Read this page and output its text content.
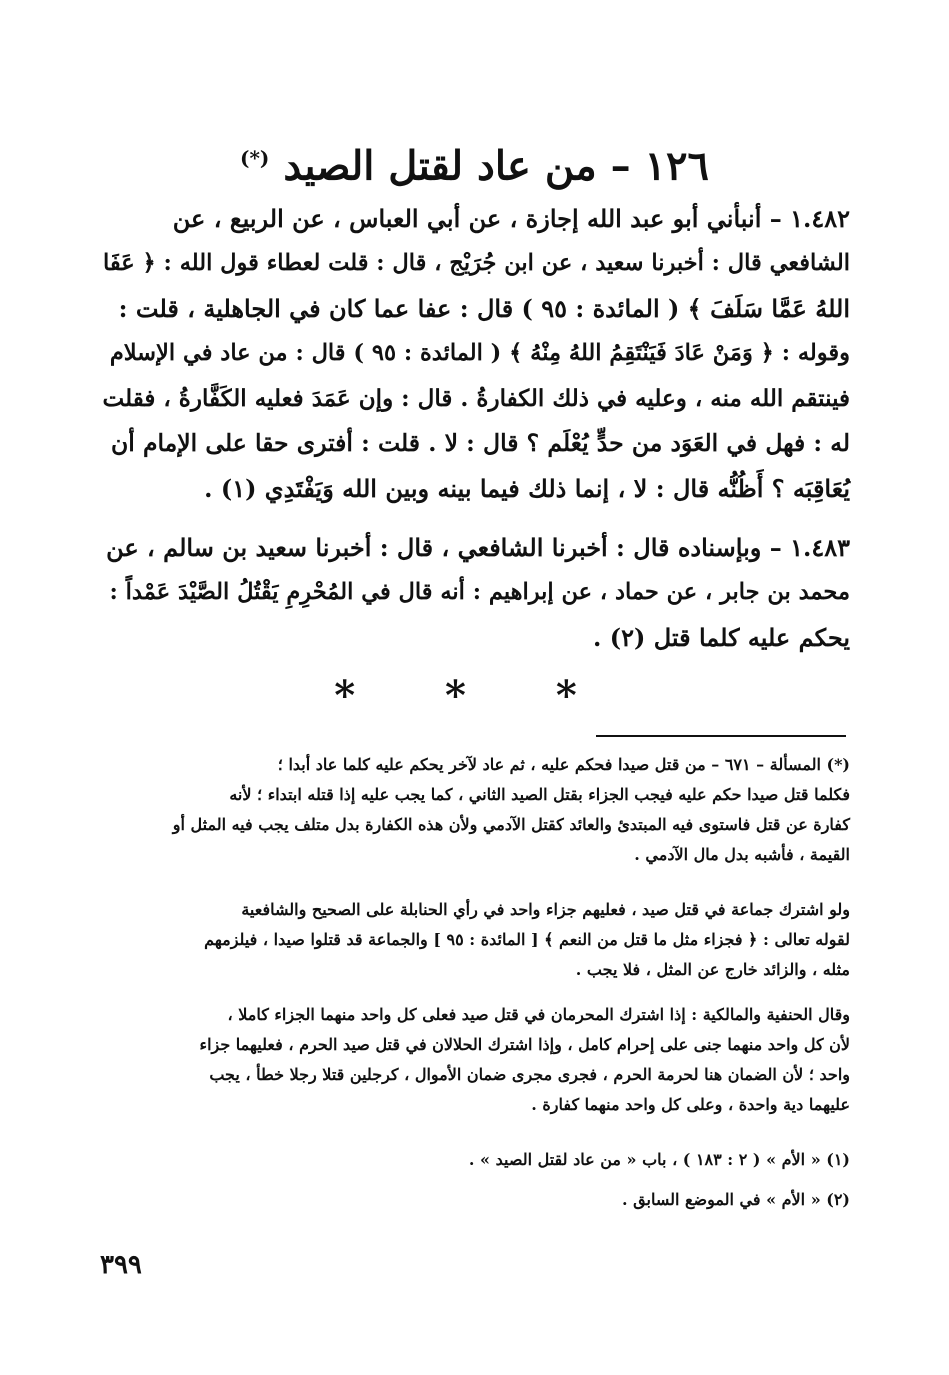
١٢٦ – من عاد لقتل الصيد (*)
١.٤٨٢ – أنبأني أبو عبد الله إجازة ، عن أبي العباس ، عن الربيع ، عن
الشافعي قال : أخبرنا سعيد ، عن ابن جُرَيْج ، قال : قلت لعطاء قول الله : ﴿ عَفَا
اللهُ عَمَّا سَلَفَ ﴾ ( المائدة : ٩٥ ) قال : عفا عما كان في الجاهلية ، قلت :
وقوله : ﴿ وَمَنْ عَادَ فَيَنْتَقِمُ اللهُ مِنْهُ ﴾ ( المائدة : ٩٥ ) قال : من عاد في الإسلام
فينتقم الله منه ، وعليه في ذلك الكفارةُ . قال : وإن عَمَدَ فعليه الكَفَّارةُ ، فقلت
له : فهل في العَوَد من حدٍّ يُعْلَم ؟ قال : لا . قلت : أفترى حقا على الإمام أن
يُعَاقِبَه ؟ أَظُنُّه قال : لا ، إنما ذلك فيما بينه وبين الله وَيَفْتَدِي (١) .
١.٤٨٣ – وبإسناده قال : أخبرنا الشافعي ، قال : أخبرنا سعيد بن سالم ، عن
محمد بن جابر ، عن حماد ، عن إبراهيم : أنه قال في المُحْرِمِ يَقْتُلُ الصَّيْدَ عَمْداً :
يحكم عليه كلما قتل (٢) .
* * *
(*) المسألة – ٦٧١ – من قتل صيدا فحكم عليه ، ثم عاد لآخر يحكم عليه كلما عاد أبدا ؛
فكلما قتل صيدا حكم عليه فيجب الجزاء بقتل الصيد الثاني ، كما يجب عليه إذا قتله ابتداء ؛ لأنه
كفارة عن قتل فاستوى فيه المبتدئ والعائد كقتل الآدمي ولأن هذه الكفارة بدل متلف يجب فيه المثل أو
القيمة ، فأشبه بدل مال الآدمي .
ولو اشترك جماعة في قتل صيد ، فعليهم جزاء واحد في رأي الحنابلة على الصحيح والشافعية
لقوله تعالى : ﴿ فجزاء مثل ما قتل من النعم ﴾ [ المائدة : ٩٥ ] والجماعة قد قتلوا صيدا ، فيلزمهم
مثله ، والزائد خارج عن المثل ، فلا يجب .
وقال الحنفية والمالكية : إذا اشترك المحرمان في قتل صيد فعلى كل واحد منهما الجزاء كاملا ،
لأن كل واحد منهما جنى على إحرام كامل ، وإذا اشترك الحلالان في قتل صيد الحرم ، فعليهما جزاء
واحد ؛ لأن الضمان هنا لحرمة الحرم ، فجرى مجرى ضمان الأموال ، كرجلين قتلا رجلا خطأ ، يجب
عليهما دية واحدة ، وعلى كل واحد منهما كفارة .
(١) « الأم » ( ٢ : ١٨٣ ) ، باب « من عاد لقتل الصيد » .
(٢) « الأم » في الموضع السابق .
٣٩٩
